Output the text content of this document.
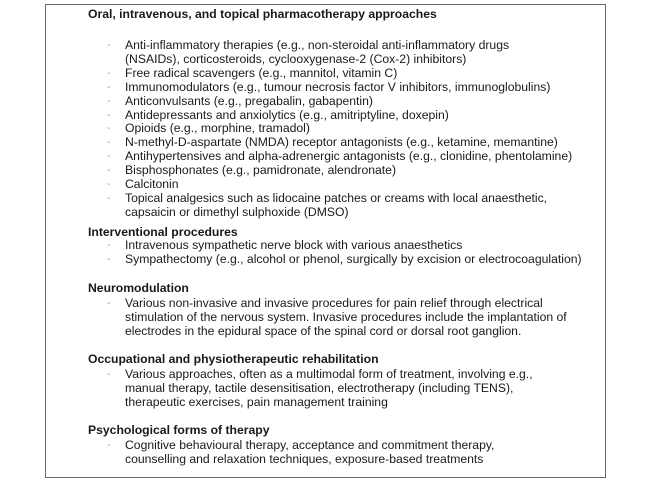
Oral, intravenous, and topical pharmacotherapy approaches
- Anti-inflammatory therapies (e.g., non-steroidal anti-inflammatory drugs (NSAIDs), corticosteroids, cyclooxygenase-2 (Cox-2) inhibitors)
- Free radical scavengers (e.g., mannitol, vitamin C)
- Immunomodulators (e.g., tumour necrosis factor V inhibitors, immunoglobulins)
- Anticonvulsants (e.g., pregabalin, gabapentin)
- Antidepressants and anxiolytics (e.g., amitriptyline, doxepin)
- Opioids (e.g., morphine, tramadol)
- N-methyl-D-aspartate (NMDA) receptor antagonists (e.g., ketamine, memantine)
- Antihypertensives and alpha-adrenergic antagonists (e.g., clonidine, phentolamine)
- Bisphosphonates (e.g., pamidronate, alendronate)
- Calcitonin
- Topical analgesics such as lidocaine patches or creams with local anaesthetic, capsaicin or dimethyl sulphoxide (DMSO)
Interventional procedures
- Intravenous sympathetic nerve block with various anaesthetics
- Sympathectomy (e.g., alcohol or phenol, surgically by excision or electrocoagulation)
Neuromodulation
- Various non-invasive and invasive procedures for pain relief through electrical stimulation of the nervous system. Invasive procedures include the implantation of electrodes in the epidural space of the spinal cord or dorsal root ganglion.
Occupational and physiotherapeutic rehabilitation
- Various approaches, often as a multimodal form of treatment, involving e.g., manual therapy, tactile desensitisation, electrotherapy (including TENS), therapeutic exercises, pain management training
Psychological forms of therapy
- Cognitive behavioural therapy, acceptance and commitment therapy, counselling and relaxation techniques, exposure-based treatments
